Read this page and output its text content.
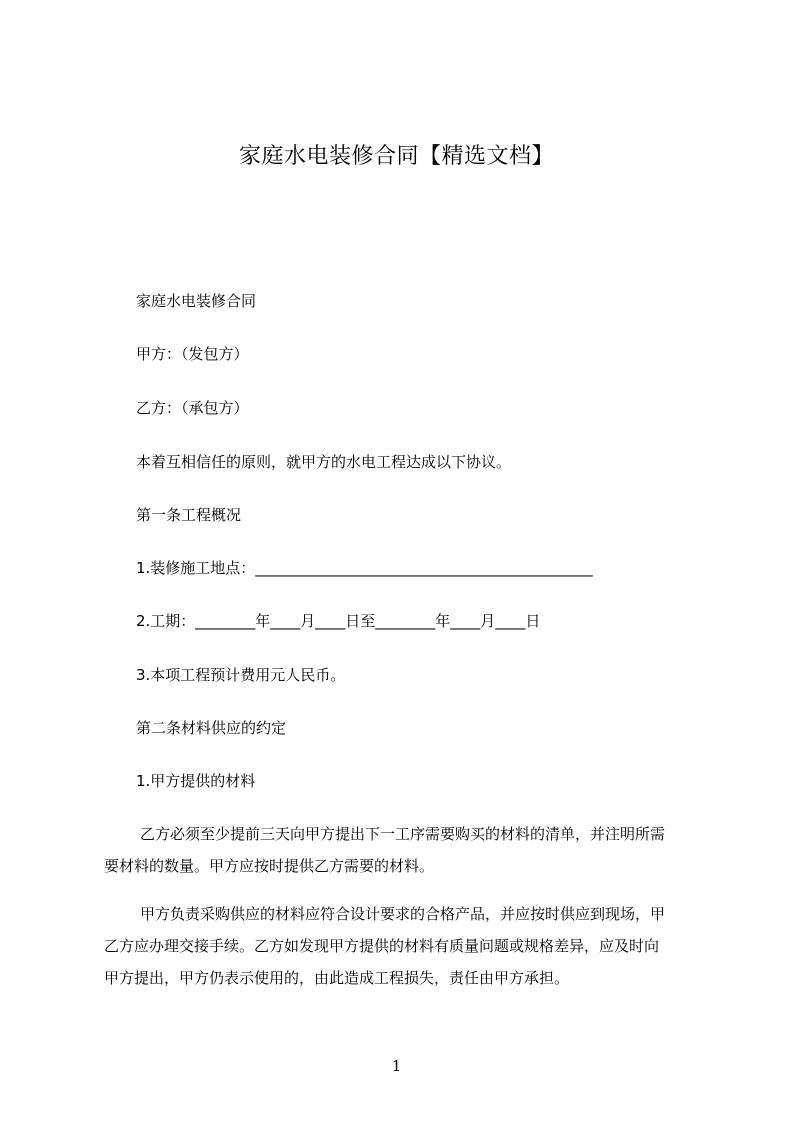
家庭水电装修合同【精选文档】
家庭水电装修合同
甲方：（发包方）
乙方：（承包方）
本着互相信任的原则，就甲方的水电工程达成以下协议。
第一条工程概况
1.装修施工地点：_____________________________________________
2.工期：________年____月____日至________年____月____日
3.本项工程预计费用元人民币。
第二条材料供应的约定
1.甲方提供的材料
乙方必须至少提前三天向甲方提出下一工序需要购买的材料的清单，并注明所需
要材料的数量。甲方应按时提供乙方需要的材料。
甲方负责采购供应的材料应符合设计要求的合格产品，并应按时供应到现场，甲
乙方应办理交接手续。乙方如发现甲方提供的材料有质量问题或规格差异，应及时向
甲方提出，甲方仍表示使用的，由此造成工程损失，责任由甲方承担。
1
